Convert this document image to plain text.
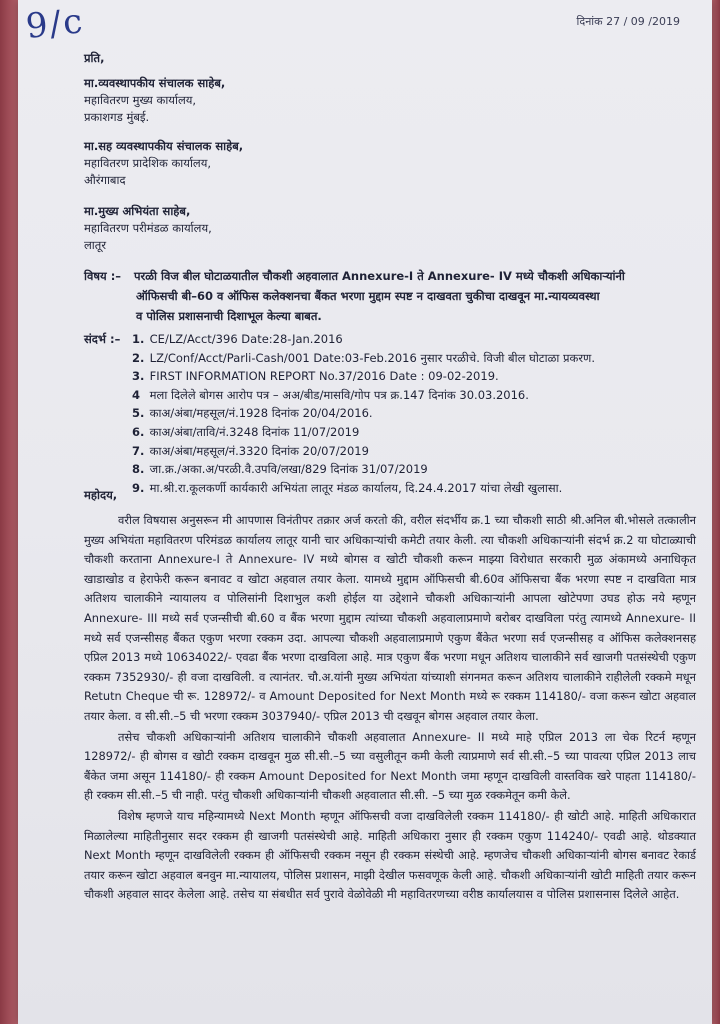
9/c	दिनांक 27 / 09 /2019
प्रति,
मा.व्यवस्थापकीय संचालक साहेब,
महावितरण मुख्य कार्यालय,
प्रकाशगड मुंबई.
मा.सह व्यवस्थापकीय संचालक साहेब,
महावितरण प्रादेशिक कार्यालय,
औरंगाबाद
मा.मुख्य अभियंता साहेब,
महावितरण परीमंडळ कार्यालय,
लातूर
विषय :– परळी विज बील घोटाळयातील चौकशी अहवालात Annexure-I ते Annexure- IV मध्ये चौकशी अधिकाऱ्यांनी
ऑफिसची बी–60 व ऑफिस कलेक्शनचा बैंकत भरणा मुद्दाम स्पष्ट न दाखवता चुकीचा दाखवून मा.न्यायव्यवस्था
व पोलिस प्रशासनाची दिशाभूल केल्या बाबत.
संदर्भ :– 1. CE/LZ/Acct/396 Date:28-Jan.2016
2. LZ/Conf/Acct/Parli-Cash/001 Date:03-Feb.2016 नुसार परळीचे. विजी बील घोटाळा प्रकरण.
3. FIRST INFORMATION REPORT No.37/2016 Date : 09-02-2019.
4 मला दिलेले बोगस आरोप पत्र – अअ/बीड/मासवि/गोप पत्र क्र.147 दिनांक 30.03.2016.
5. काअ/अंबा/महसूल/नं.1928 दिनांक 20/04/2016.
6. काअ/अंबा/तावि/नं.3248 दिनांक 11/07/2019
7. काअ/अंबा/महसूल/नं.3320 दिनांक 20/07/2019
8. जा.क्र./अका.अ/परळी.वै.उपवि/लखा/829 दिनांक 31/07/2019
9. मा.श्री.रा.कूलकर्णी कार्यकारी अभियंता लातूर मंडळ कार्यालय, दि.24.4.2017 यांचा लेखी खुलासा.
महोदय,

वरील विषयास अनुसरून मी आपणास विनंतीपर तक्रार अर्ज करतो की, वरील संदर्भीय क्र.1 च्या चौकशी साठी श्री.अनिल बी.भोसले तत्कालीन मुख्य अभियंता महावितरण परिमंडळ कार्यालय लातूर यानी चार अधिकाऱ्यांची कमेटी तयार केली. त्या चौकशी अधिकाऱ्यांनी संदर्भ क्र.2 या घोटाळ्याची चौकशी करताना Annexure-I ते Annexure- IV मध्ये बोगस व खोटी चौकशी करून माझ्या विरोधात सरकारी मुळ अंकामध्ये अनाधिकृत खाडाखोड व हेराफेरी करून बनावट व खोटा अहवाल तयार केला. यामध्ये मुद्दाम ऑफिसची बी.60व ऑफिसचा बैंक भरणा स्पष्ट न दाखविता मात्र अतिशय चालाकीने न्यायालय व पोलिसांनी दिशाभुल कशी होईल या उद्देशाने चौकशी अधिकाऱ्यांनी आपला खोटेपणा उघड होऊ नये म्हणून Annexure- III मध्ये सर्व एजन्सीची बी.60 व बैंक भरणा मुद्दाम त्यांच्या चौकशी अहवालाप्रमाणे बरोबर दाखविला परंतु त्यामध्ये Annexure- II मध्ये सर्व एजन्सीसह बैंकत एकुण भरणा रक्कम उदा. आपल्या चौकशी अहवालाप्रमाणे एकुण बैंकेत भरणा सर्व एजन्सीसह व ऑफिस कलेक्शनसह एप्रिल 2013 मध्ये 10634022/- एवढा बैंक भरणा दाखविला आहे. मात्र एकुण बैंक भरणा मधून अतिशय चालाकीने सर्व खाजगी पतसंस्थेची एकुण रक्कम 7352930/- ही वजा दाखविली. व त्यानंतर. चौ.अ.यांनी मुख्य अभियंता यांच्याशी संगनमत करून अतिशय चालाकीने राहीलेली रक्कमे मधून Retutn Cheque ची रू. 128972/- व Amount Deposited for Next Month मध्ये रू रक्कम 114180/- वजा करून खोटा अहवाल तयार केला. व सी.सी.–5 ची भरणा रक्कम 3037940/- एप्रिल 2013 ची दखवून बोगस अहवाल तयार केला.

तसेच चौकशी अधिकाऱ्यांनी अतिशय चालाकीने चौकशी अहवालात Annexure- II मध्ये माहे एप्रिल 2013 ला चेक रिटर्न म्हणून 128972/- ही बोगस व खोटी रक्कम दाखवून मुळ सी.सी.–5 च्या वसुलीतून कमी केली त्याप्रमाणे सर्व सी.सी.–5 च्या पावत्या एप्रिल 2013 लाच बैंकेत जमा असून 114180/- ही रक्कम Amount Deposited for Next Month जमा म्हणून दाखविली वास्तविक खरे पाहता 114180/- ही रक्कम सी.सी.–5 ची नाही. परंतु चौकशी अधिकाऱ्यांनी चौकशी अहवालात सी.सी. –5 च्या मुळ रक्कमेतून कमी केले.

विशेष म्हणजे याच महिन्यामध्ये Next Month म्हणून ऑफिसची वजा दाखविलेली रक्कम 114180/- ही खोटी आहे. माहिती अधिकारात मिळालेल्या माहितीनुसार सदर रक्कम ही खाजगी पतसंस्थेची आहे. माहिती अधिकारा नुसार ही रक्कम एकुण 114240/- एवढी आहे. थोडक्यात Next Month म्हणून दाखविलेली रक्कम ही ऑफिसची रक्कम नसून ही रक्कम संस्थेची आहे. म्हणजेच चौकशी अधिकाऱ्यांनी बोगस बनावट रेकार्ड तयार करून खोटा अहवाल बनवुन मा.न्यायालय, पोलिस प्रशासन, माझी देखील फसवणूक केली आहे. चौकशी अधिकाऱ्यांनी खोटी माहिती तयार करून चौकशी अहवाल सादर केलेला आहे. तसेच या संबधीत सर्व पुरावे वेळोवेळी मी महावितरणच्या वरीष्ठ कार्यालयास व पोलिस प्रशासनास दिलेले आहेत.
